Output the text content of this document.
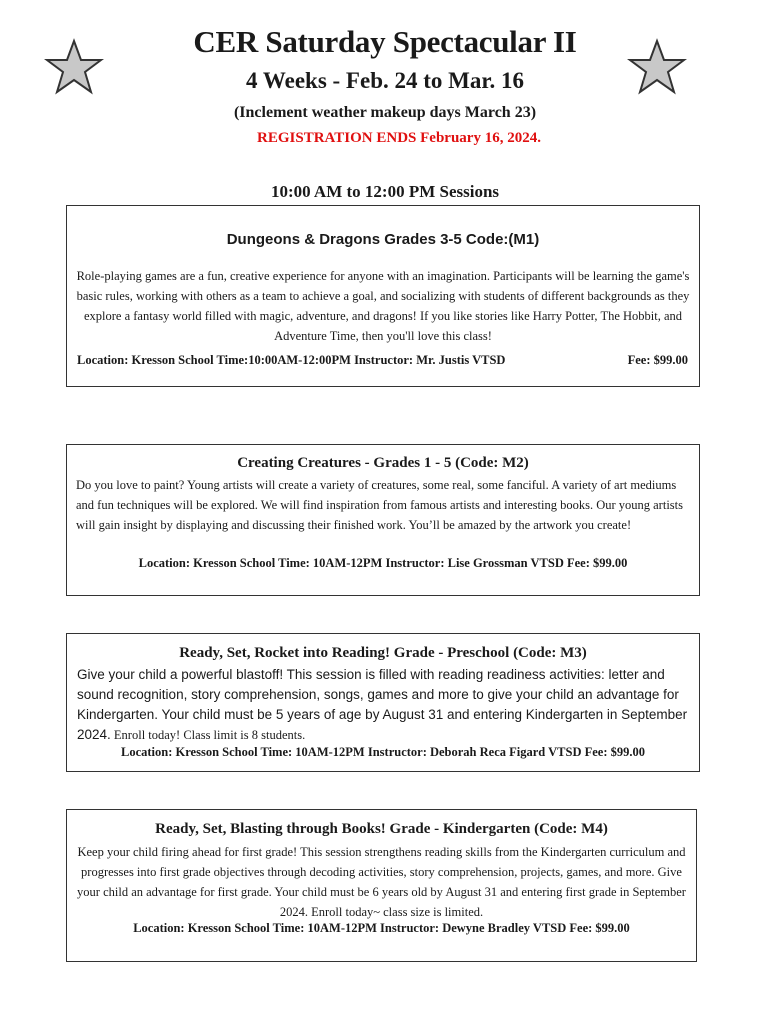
CER Saturday Spectacular II
4 Weeks - Feb. 24 to Mar. 16
(Inclement weather makeup days March 23)
REGISTRATION ENDS February 16, 2024.
10:00 AM to 12:00 PM Sessions
Dungeons & Dragons Grades 3-5 Code:(M1)
Role-playing games are a fun, creative experience for anyone with an imagination. Participants will be learning the game's basic rules, working with others as a team to achieve a goal, and socializing with students of different backgrounds as they explore a fantasy world filled with magic, adventure, and dragons! If you like stories like Harry Potter, The Hobbit, and Adventure Time, then you'll love this class!
Location: Kresson School Time:10:00AM-12:00PM Instructor: Mr. Justis VTSD	Fee: $99.00
Creating Creatures - Grades 1 - 5 (Code: M2)
Do you love to paint? Young artists will create a variety of creatures, some real, some fanciful. A variety of art mediums and fun techniques will be explored. We will find inspiration from famous artists and interesting books. Our young artists will gain insight by displaying and discussing their finished work. You’ll be amazed by the artwork you create!
Location: Kresson School Time: 10AM-12PM Instructor: Lise Grossman VTSD Fee: $99.00
Ready, Set, Rocket into Reading! Grade - Preschool (Code: M3)
Give your child a powerful blastoff! This session is filled with reading readiness activities: letter and sound recognition, story comprehension, songs, games and more to give your child an advantage for Kindergarten. Your child must be 5 years of age by August 31 and entering Kindergarten in September 2024. Enroll today! Class limit is 8 students.
Location: Kresson School Time: 10AM-12PM Instructor: Deborah Reca Figard VTSD Fee: $99.00
Ready, Set, Blasting through Books! Grade - Kindergarten (Code: M4)
Keep your child firing ahead for first grade! This session strengthens reading skills from the Kindergarten curriculum and progresses into first grade objectives through decoding activities, story comprehension, projects, games, and more. Give your child an advantage for first grade. Your child must be 6 years old by August 31 and entering first grade in September 2024. Enroll today~ class size is limited.
Location: Kresson School Time: 10AM-12PM Instructor: Dewyne Bradley VTSD Fee: $99.00
